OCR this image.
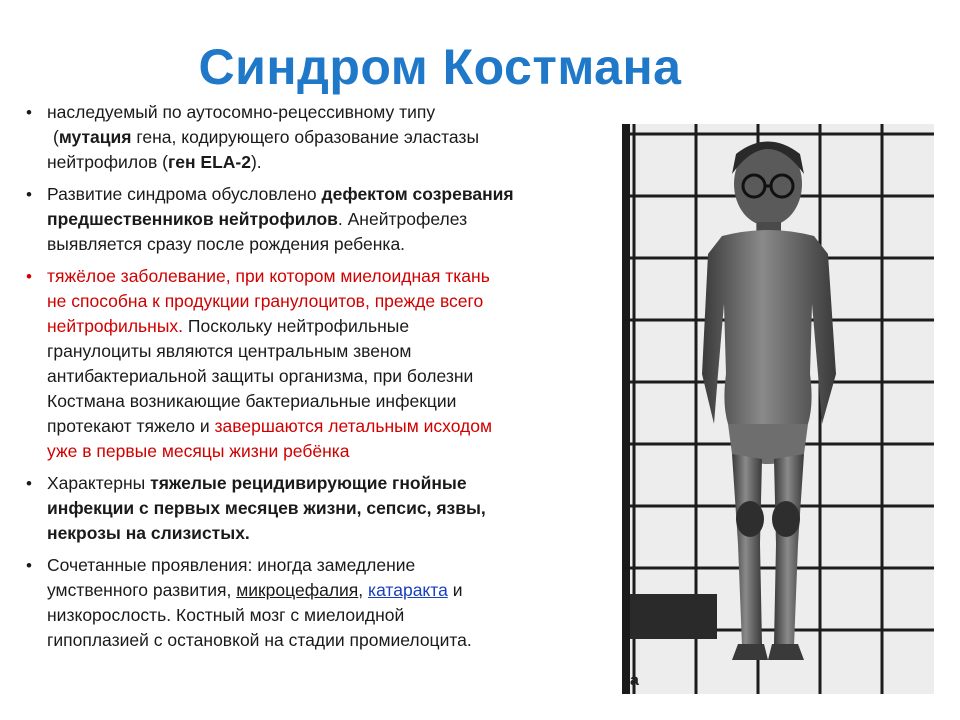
Синдром Костмана
• наследуемый по аутосомно-рецессивному типу
(мутация гена, кодирующего образование эластазы
нейтрофилов (ген ELA-2).
• Развитие синдрома обусловлено дефектом созревания
предшественников нейтрофилов. Анейтрофелез
выявляется сразу после рождения ребенка.
• тяжёлое заболевание, при котором миелоидная ткань
не способна к продукции гранулоцитов, прежде всего
нейтрофильных. Поскольку нейтрофильные
гранулоциты являются центральным звеном
антибактериальной защиты организма, при болезни
Костмана возникающие бактериальные инфекции
протекают тяжело и завершаются летальным исходом
уже в первые месяцы жизни ребёнка
• Характерны тяжелые рецидивирующие гнойные
инфекции с первых месяцев жизни, сепсис, язвы,
некрозы на слизистых.
• Сочетанные проявления: иногда замедление
умственного развития, микроцефалия, катаракта и
низкорослость. Костный мозг с миелоидной
гипоплазией с остановкой на стадии промиелоцита.
а
